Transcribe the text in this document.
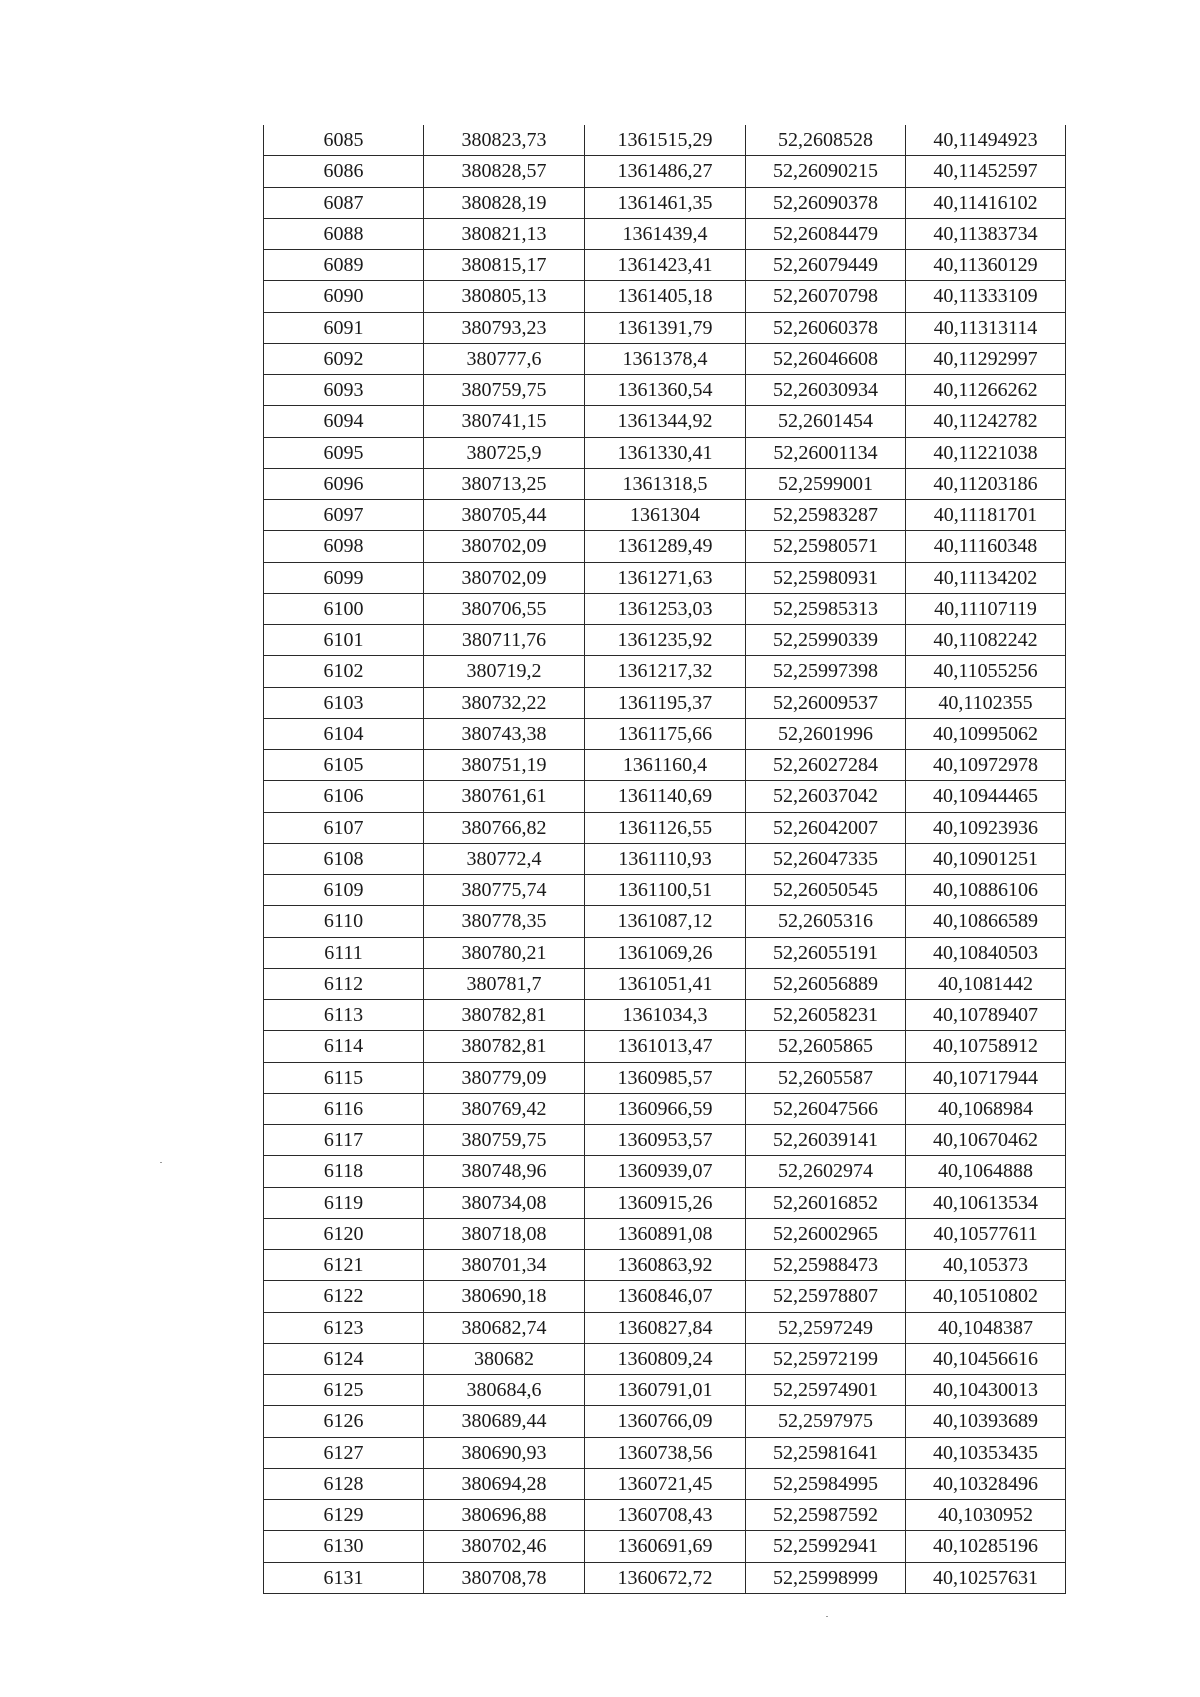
6085	380823,73	1361515,29	52,2608528	40,11494923
6086	380828,57	1361486,27	52,26090215	40,11452597
6087	380828,19	1361461,35	52,26090378	40,11416102
6088	380821,13	1361439,4	52,26084479	40,11383734
6089	380815,17	1361423,41	52,26079449	40,11360129
6090	380805,13	1361405,18	52,26070798	40,11333109
6091	380793,23	1361391,79	52,26060378	40,11313114
6092	380777,6	1361378,4	52,26046608	40,11292997
6093	380759,75	1361360,54	52,26030934	40,11266262
6094	380741,15	1361344,92	52,2601454	40,11242782
6095	380725,9	1361330,41	52,26001134	40,11221038
6096	380713,25	1361318,5	52,2599001	40,11203186
6097	380705,44	1361304	52,25983287	40,11181701
6098	380702,09	1361289,49	52,25980571	40,11160348
6099	380702,09	1361271,63	52,25980931	40,11134202
6100	380706,55	1361253,03	52,25985313	40,11107119
6101	380711,76	1361235,92	52,25990339	40,11082242
6102	380719,2	1361217,32	52,25997398	40,11055256
6103	380732,22	1361195,37	52,26009537	40,1102355
6104	380743,38	1361175,66	52,2601996	40,10995062
6105	380751,19	1361160,4	52,26027284	40,10972978
6106	380761,61	1361140,69	52,26037042	40,10944465
6107	380766,82	1361126,55	52,26042007	40,10923936
6108	380772,4	1361110,93	52,26047335	40,10901251
6109	380775,74	1361100,51	52,26050545	40,10886106
6110	380778,35	1361087,12	52,2605316	40,10866589
6111	380780,21	1361069,26	52,26055191	40,10840503
6112	380781,7	1361051,41	52,26056889	40,1081442
6113	380782,81	1361034,3	52,26058231	40,10789407
6114	380782,81	1361013,47	52,2605865	40,10758912
6115	380779,09	1360985,57	52,2605587	40,10717944
6116	380769,42	1360966,59	52,26047566	40,1068984
6117	380759,75	1360953,57	52,26039141	40,10670462
6118	380748,96	1360939,07	52,2602974	40,1064888
6119	380734,08	1360915,26	52,26016852	40,10613534
6120	380718,08	1360891,08	52,26002965	40,10577611
6121	380701,34	1360863,92	52,25988473	40,105373
6122	380690,18	1360846,07	52,25978807	40,10510802
6123	380682,74	1360827,84	52,2597249	40,1048387
6124	380682	1360809,24	52,25972199	40,10456616
6125	380684,6	1360791,01	52,25974901	40,10430013
6126	380689,44	1360766,09	52,2597975	40,10393689
6127	380690,93	1360738,56	52,25981641	40,10353435
6128	380694,28	1360721,45	52,25984995	40,10328496
6129	380696,88	1360708,43	52,25987592	40,1030952
6130	380702,46	1360691,69	52,25992941	40,10285196
6131	380708,78	1360672,72	52,25998999	40,10257631
